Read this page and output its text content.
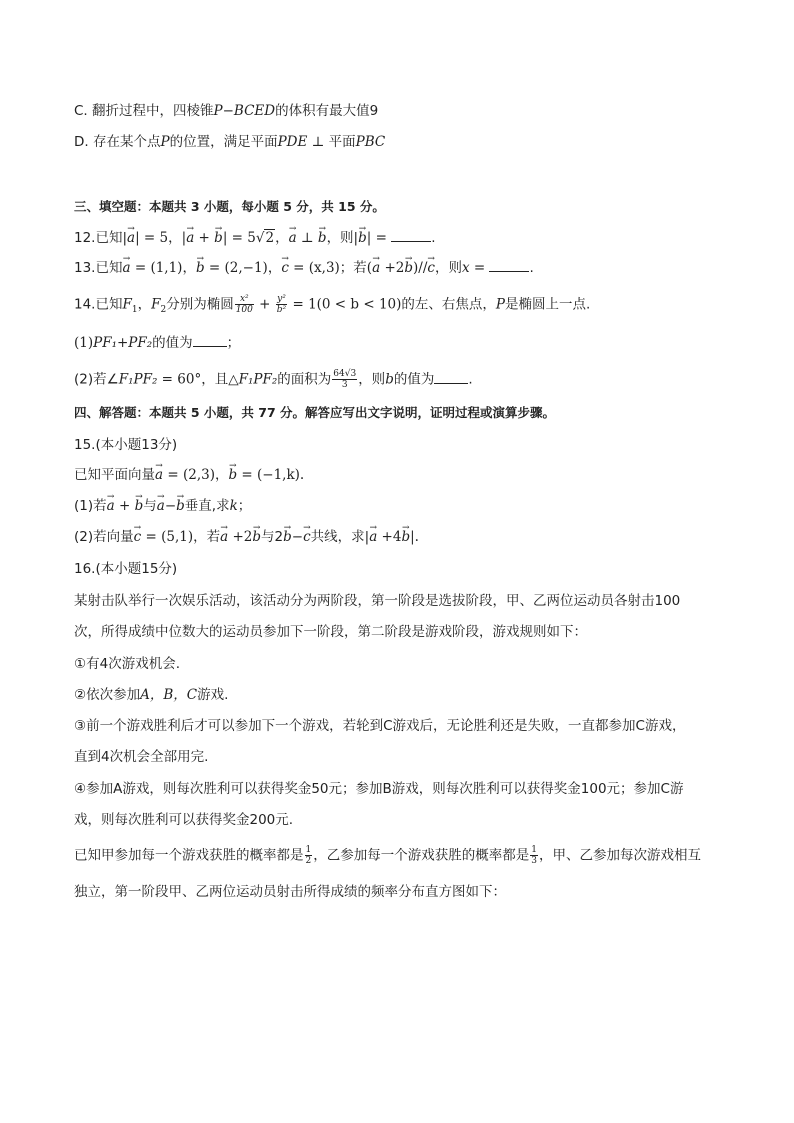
C. 翻折过程中，四棱锥P−BCED的体积有最大值9
D. 存在某个点P的位置，满足平面PDE ⊥ 平面PBC
三、填空题：本题共 3 小题，每小题 5 分，共 15 分。
12.已知|→ a| = 5，|→ a + → b| = 5√2，→ a ⊥ → b，则|→ b| =	.
13.已知→ a = (1,1)，→ b = (2,−1)，→ c = (x,3)；若(→ a +2→ b)//→ c，则x =	.
14.已知$F_1$，$F_2$分别为椭圆 $\frac{\text{x²}}{100} + \frac{\text{y²}}{\text{b²}} = 1(0 < b < 10)$的左、右焦点，P是椭圆上一点.
(1)PF₁+PF₂的值为	；
(2)若∠F₁PF₂ = 60°，且△F₁PF₂的面积为 $\frac{64√3}{3}$ ，则b的值为	.
四、解答题：本题共 5 小题，共 77 分。解答应写出文字说明，证明过程或演算步骤。
15.(本小题13分)
已知平面向量→ a = (2,3)，→ b = (−1,k).
(1)若→ a + → b与→ a−→ b垂直,求k；
(2)若向量→ c = (5,1)，若→ a +2→ b与2→ b−→ c共线，求|→ a +4→ b|.
16.(本小题15分)
某射击队举行一次娱乐活动，该活动分为两阶段，第一阶段是选拔阶段，甲、乙两位运动员各射击100
次，所得成绩中位数大的运动员参加下一阶段，第二阶段是游戏阶段，游戏规则如下：
①有4次游戏机会.
②依次参加A，B，C游戏.
③前一个游戏胜利后才可以参加下一个游戏，若轮到C游戏后，无论胜利还是失败，一直都参加C游戏，
直到4次机会全部用完.
④参加A游戏，则每次胜利可以获得奖金50元；参加B游戏，则每次胜利可以获得奖金100元；参加C游
戏，则每次胜利可以获得奖金200元.
已知甲参加每一个游戏获胜的概率都是 $\frac{1}{2}$ ，乙参加每一个游戏获胜的概率都是 $\frac{1}{3}$ ，甲、乙参加每次游戏相互
独立，第一阶段甲、乙两位运动员射击所得成绩的频率分布直方图如下：
